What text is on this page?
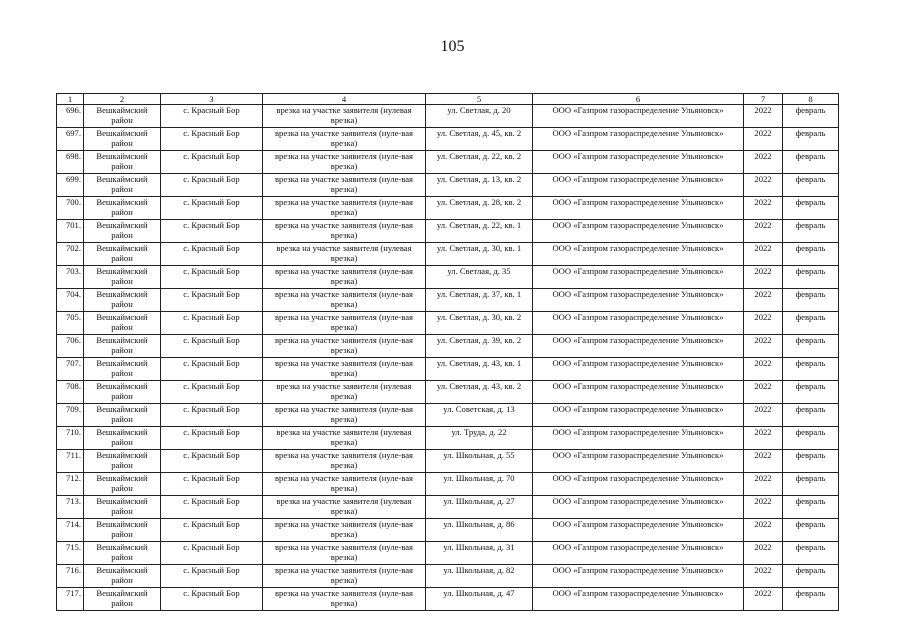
105
1	2	3	4	5	6	7	8
696.	Вешкаймский район	с. Красный Бор	врезка на участке заявителя (нулевая врезка)	ул. Светлая, д. 20	ООО «Газпром газораспределение Ульяновск»	2022	февраль
697.	Вешкаймский район	с. Красный Бор	врезка на участке заявителя (нуле-вая врезка)	ул. Светлая, д. 45, кв. 2	ООО «Газпром газораспределение Ульяновск»	2022	февраль
698.	Вешкаймский район	с. Красный Бор	врезка на участке заявителя (нуле-вая врезка)	ул. Светлая, д. 22, кв. 2	ООО «Газпром газораспределение Ульяновск»	2022	февраль
699.	Вешкаймский район	с. Красный Бор	врезка на участке заявителя (нуле-вая врезка)	ул. Светлая, д. 13, кв. 2	ООО «Газпром газораспределение Ульяновск»	2022	февраль
700.	Вешкаймский район	с. Красный Бор	врезка на участке заявителя (нуле-вая врезка)	ул. Светлая, д. 28, кв. 2	ООО «Газпром газораспределение Ульяновск»	2022	февраль
701.	Вешкаймский район	с. Красный Бор	врезка на участке заявителя (нуле-вая врезка)	ул. Светлая, д. 22, кв. 1	ООО «Газпром газораспределение Ульяновск»	2022	февраль
702.	Вешкаймский район	с. Красный Бор	врезка на участке заявителя (нулевая врезка)	ул. Светлая, д. 30, кв. 1	ООО «Газпром газораспределение Ульяновск»	2022	февраль
703.	Вешкаймский район	с. Красный Бор	врезка на участке заявителя (нуле-вая врезка)	ул. Светлая, д. 35	ООО «Газпром газораспределение Ульяновск»	2022	февраль
704.	Вешкаймский район	с. Красный Бор	врезка на участке заявителя (нуле-вая врезка)	ул. Светлая, д. 37, кв. 1	ООО «Газпром газораспределение Ульяновск»	2022	февраль
705.	Вешкаймский район	с. Красный Бор	врезка на участке заявителя (нуле-вая врезка)	ул. Светлая, д. 30, кв. 2	ООО «Газпром газораспределение Ульяновск»	2022	февраль
706.	Вешкаймский район	с. Красный Бор	врезка на участке заявителя (нуле-вая врезка)	ул. Светлая, д. 39, кв. 2	ООО «Газпром газораспределение Ульяновск»	2022	февраль
707.	Вешкаймский район	с. Красный Бор	врезка на участке заявителя (нуле-вая врезка)	ул. Светлая, д. 43, кв. 1	ООО «Газпром газораспределение Ульяновск»	2022	февраль
708.	Вешкаймский район	с. Красный Бор	врезка на участке заявителя (нулевая врезка)	ул. Светлая, д. 43, кв. 2	ООО «Газпром газораспределение Ульяновск»	2022	февраль
709.	Вешкаймский район	с. Красный Бор	врезка на участке заявителя (нуле-вая врезка)	ул. Советская, д. 13	ООО «Газпром газораспределение Ульяновск»	2022	февраль
710.	Вешкаймский район	с. Красный Бор	врезка на участке заявителя (нулевая врезка)	ул. Труда, д. 22	ООО «Газпром газораспределение Ульяновск»	2022	февраль
711.	Вешкаймский район	с. Красный Бор	врезка на участке заявителя (нуле-вая врезка)	ул. Школьная, д. 55	ООО «Газпром газораспределение Ульяновск»	2022	февраль
712.	Вешкаймский район	с. Красный Бор	врезка на участке заявителя (нуле-вая врезка)	ул. Школьная, д. 70	ООО «Газпром газораспределение Ульяновск»	2022	февраль
713.	Вешкаймский район	с. Красный Бор	врезка на участке заявителя (нулевая врезка)	ул. Школьная, д. 27	ООО «Газпром газораспределение Ульяновск»	2022	февраль
714.	Вешкаймский район	с. Красный Бор	врезка на участке заявителя (нуле-вая врезка)	ул. Школьная, д. 86	ООО «Газпром газораспределение Ульяновск»	2022	февраль
715.	Вешкаймский район	с. Красный Бор	врезка на участке заявителя (нуле-вая врезка)	ул. Школьная, д. 31	ООО «Газпром газораспределение Ульяновск»	2022	февраль
716.	Вешкаймский район	с. Красный Бор	врезка на участке заявителя (нуле-вая врезка)	ул. Школьная, д. 82	ООО «Газпром газораспределение Ульяновск»	2022	февраль
717.	Вешкаймский район	с. Красный Бор	врезка на участке заявителя (нуле-вая врезка)	ул. Школьная, д. 47	ООО «Газпром газораспределение Ульяновск»	2022	февраль
